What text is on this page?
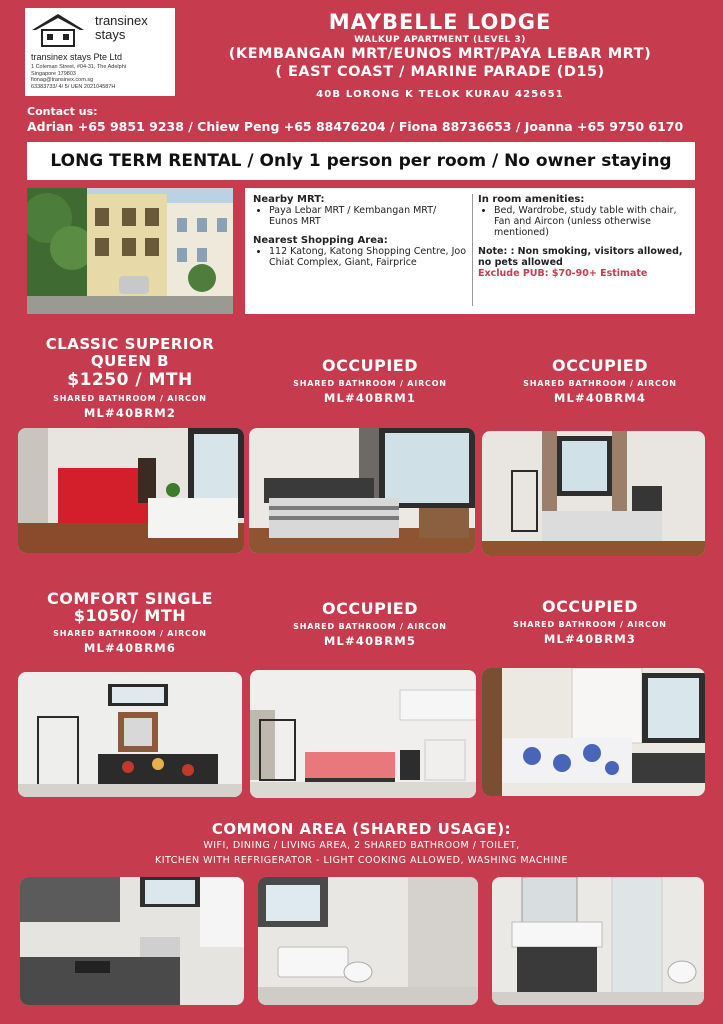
transinex
stays
transinex stays Pte Ltd
1 Coleman Street, #04-31, The Adelphi
Singapore 179803
fionag@transinex.com.sg
63383733/ 4/ 5/ UEN 202104587H
MAYBELLE LODGE
WALKUP APARTMENT (LEVEL 3)
(KEMBANGAN MRT/EUNOS MRT/PAYA LEBAR MRT)
( EAST COAST / MARINE PARADE (D15)
40B LORONG K TELOK KURAU 425651
Contact us:
Adrian +65 9851 9238 / Chiew Peng +65 88476204 / Fiona 88736653 / Joanna +65 9750 6170
LONG TERM RENTAL / Only 1 person per room / No owner staying
Nearby MRT:
• Paya Lebar MRT / Kembangan MRT/ Eunos MRT
Nearest Shopping Area:
• 112 Katong, Katong Shopping Centre, Joo Chiat Complex, Giant, Fairprice
In room amenities:
• Bed, Wardrobe, study table with chair, Fan and Aircon (unless otherwise mentioned)
Note: : Non smoking, visitors allowed, no pets allowed
Exclude PUB: $70-90+ Estimate
CLASSIC SUPERIOR
QUEEN B
$1250 / MTH
SHARED BATHROOM / AIRCON
ML#40BRM2
OCCUPIED
SHARED BATHROOM / AIRCON
ML#40BRM1
OCCUPIED
SHARED BATHROOM / AIRCON
ML#40BRM4
COMFORT SINGLE
$1050/ MTH
SHARED BATHROOM / AIRCON
ML#40BRM6
OCCUPIED
SHARED BATHROOM / AIRCON
ML#40BRM5
OCCUPIED
SHARED BATHROOM / AIRCON
ML#40BRM3
COMMON AREA (SHARED USAGE):
WIFI, DINING / LIVING AREA, 2 SHARED BATHROOM / TOILET,
KITCHEN WITH REFRIGERATOR - LIGHT COOKING ALLOWED, WASHING MACHINE
